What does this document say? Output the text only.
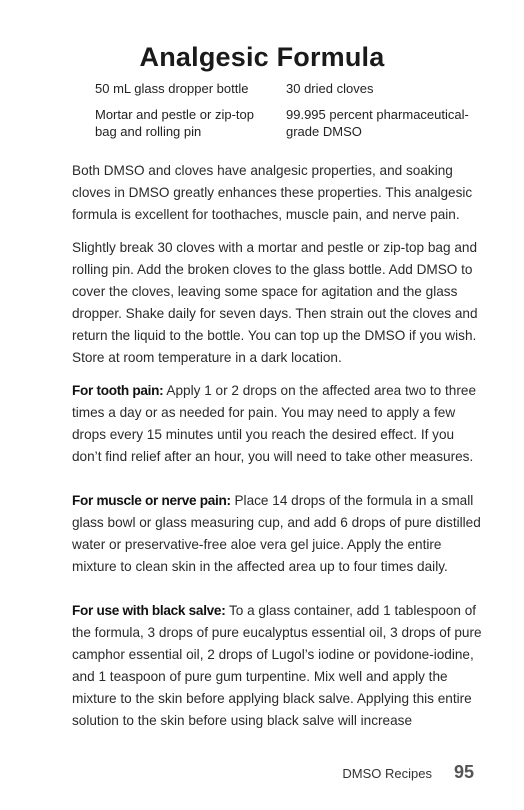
Analgesic Formula
50 mL glass dropper bottle	30 dried cloves
Mortar and pestle or zip-top bag and rolling pin
99.995 percent pharmaceutical-grade DMSO

Both DMSO and cloves have analgesic properties, and soaking cloves in DMSO greatly enhances these properties. This analgesic formula is excellent for toothaches, muscle pain, and nerve pain.

Slightly break 30 cloves with a mortar and pestle or zip-top bag and rolling pin. Add the broken cloves to the glass bottle. Add DMSO to cover the cloves, leaving some space for agitation and the glass dropper. Shake daily for seven days. Then strain out the cloves and return the liquid to the bottle. You can top up the DMSO if you wish. Store at room temperature in a dark location.

For tooth pain: Apply 1 or 2 drops on the affected area two to three times a day or as needed for pain. You may need to apply a few drops every 15 minutes until you reach the desired effect. If you don’t find relief after an hour, you will need to take other measures.

For muscle or nerve pain: Place 14 drops of the formula in a small glass bowl or glass measuring cup, and add 6 drops of pure distilled water or preservative-free aloe vera gel juice. Apply the entire mixture to clean skin in the affected area up to four times daily.

For use with black salve: To a glass container, add 1 tablespoon of the formula, 3 drops of pure eucalyptus essential oil, 3 drops of pure camphor essential oil, 2 drops of Lugol’s iodine or povidone-iodine, and 1 teaspoon of pure gum turpentine. Mix well and apply the mixture to the skin before applying black salve. Applying this entire solution to the skin before using black salve will increase

DMSO Recipes 95
